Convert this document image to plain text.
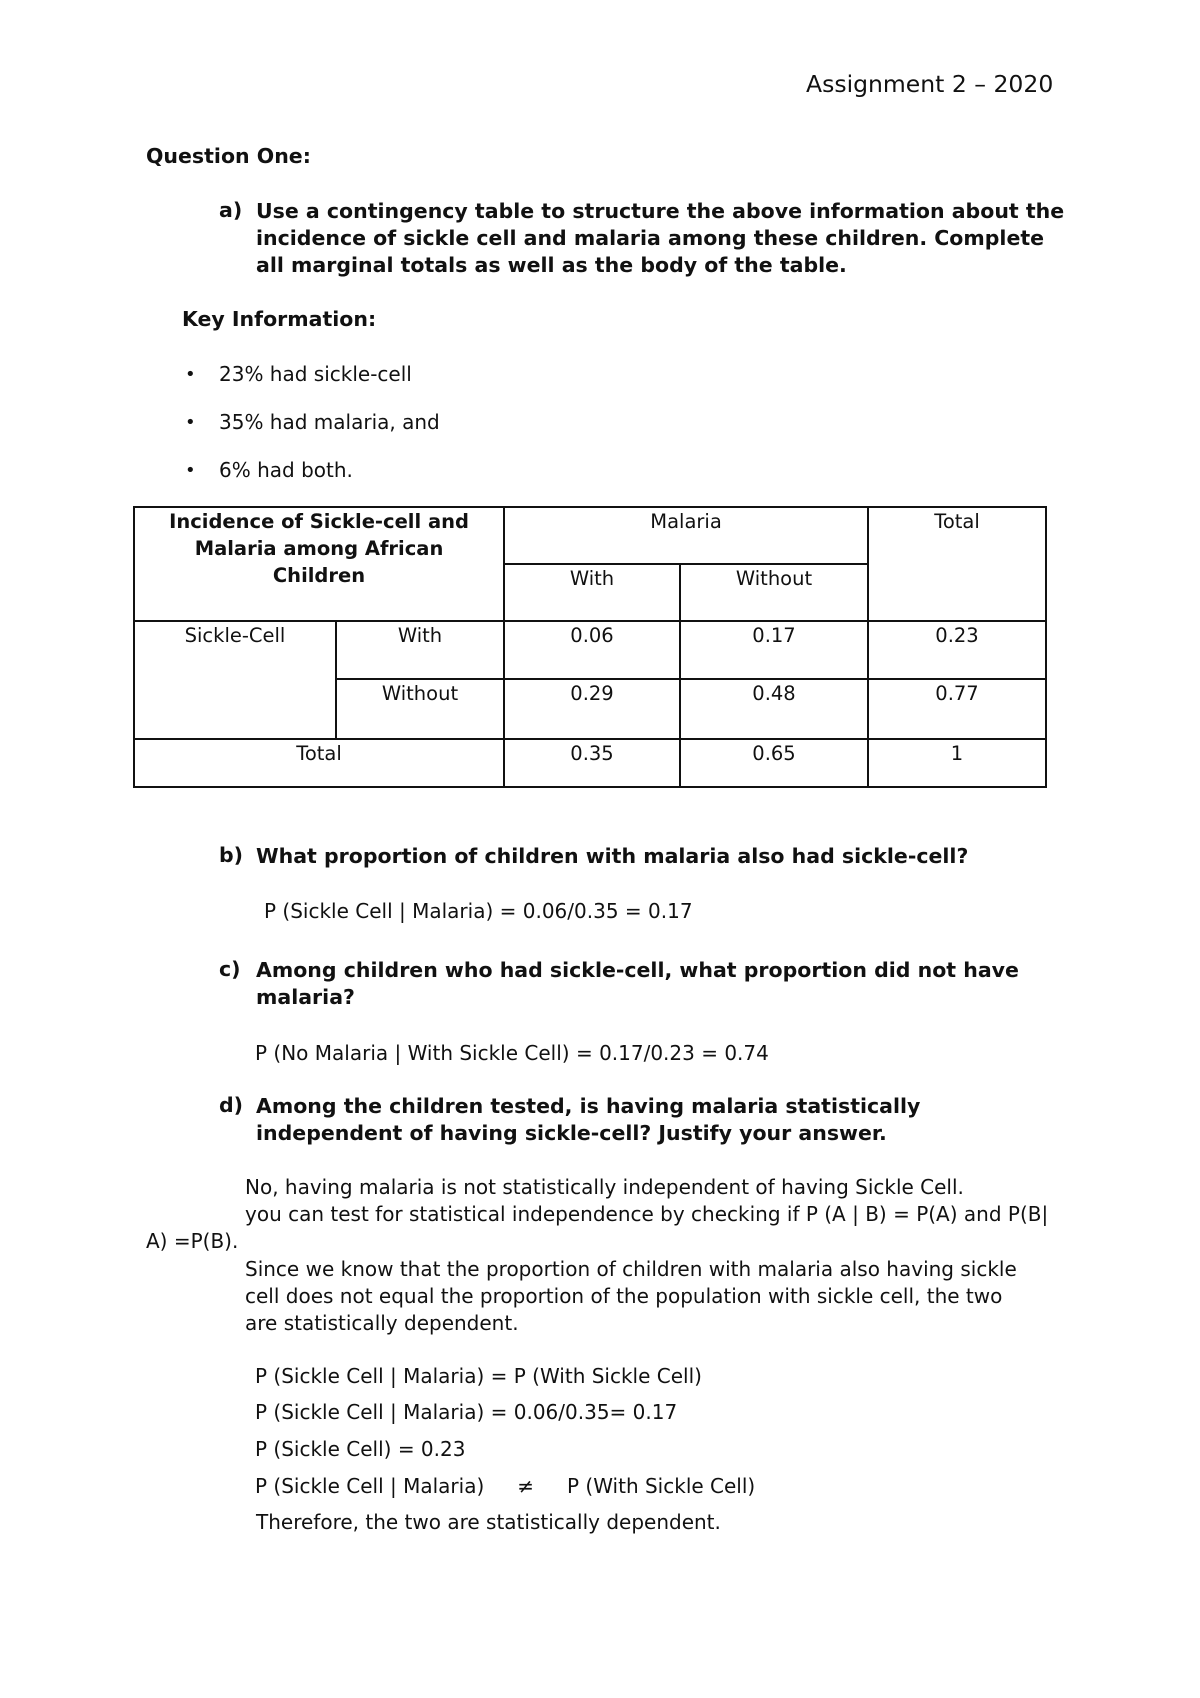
Assignment 2 – 2020
Question One:
a) Use a contingency table to structure the above information about the
incidence of sickle cell and malaria among these children. Complete
all marginal totals as well as the body of the table.
Key Information:
• 23% had sickle-cell
• 35% had malaria, and
• 6% had both.
Incidence of Sickle-cell and
Malaria among African
Children		Malaria		Total
		With	Without	
Sickle-Cell	With	0.06	0.17	0.23
	Without	0.29	0.48	0.77
Total		0.35	0.65	1
b) What proportion of children with malaria also had sickle-cell?
P (Sickle Cell | Malaria) = 0.06/0.35 = 0.17
c) Among children who had sickle-cell, what proportion did not have
malaria?
P (No Malaria | With Sickle Cell) = 0.17/0.23 = 0.74
d) Among the children tested, is having malaria statistically
independent of having sickle-cell? Justify your answer.
No, having malaria is not statistically independent of having Sickle Cell.
you can test for statistical independence by checking if P (A | B) = P(A) and P(B|
A) =P(B).
Since we know that the proportion of children with malaria also having sickle
cell does not equal the proportion of the population with sickle cell, the two
are statistically dependent.
P (Sickle Cell | Malaria) = P (With Sickle Cell)
P (Sickle Cell | Malaria) = 0.06/0.35= 0.17
P (Sickle Cell) = 0.23
P (Sickle Cell | Malaria) ≠ P (With Sickle Cell)
Therefore, the two are statistically dependent.
